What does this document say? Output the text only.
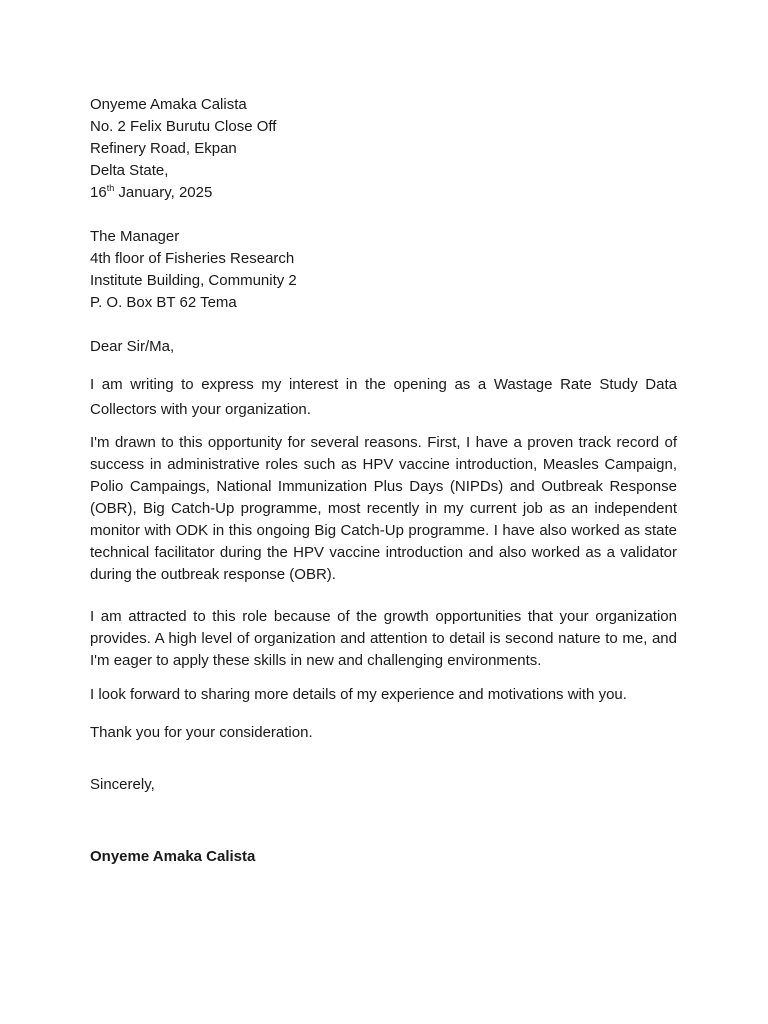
Onyeme Amaka Calista
No. 2 Felix Burutu Close Off
Refinery Road, Ekpan
Delta State,
16th January, 2025
The Manager
4th floor of Fisheries Research
Institute Building, Community 2
P. O. Box BT 62 Tema
Dear Sir/Ma,

I am writing to express my interest in the opening as a Wastage Rate Study Data Collectors with your organization.

I'm drawn to this opportunity for several reasons. First, I have a proven track record of success in administrative roles such as HPV vaccine introduction, Measles Campaign, Polio Campaings, National Immunization Plus Days (NIPDs) and Outbreak Response (OBR), Big Catch-Up programme, most recently in my current job as an independent monitor with ODK in this ongoing Big Catch-Up programme. I have also worked as state technical facilitator during the HPV vaccine introduction and also worked as a validator during the outbreak response (OBR).

I am attracted to this role because of the growth opportunities that your organization provides. A high level of organization and attention to detail is second nature to me, and I'm eager to apply these skills in new and challenging environments.

I look forward to sharing more details of my experience and motivations with you.

Thank you for your consideration.

Sincerely,
Onyeme Amaka Calista
